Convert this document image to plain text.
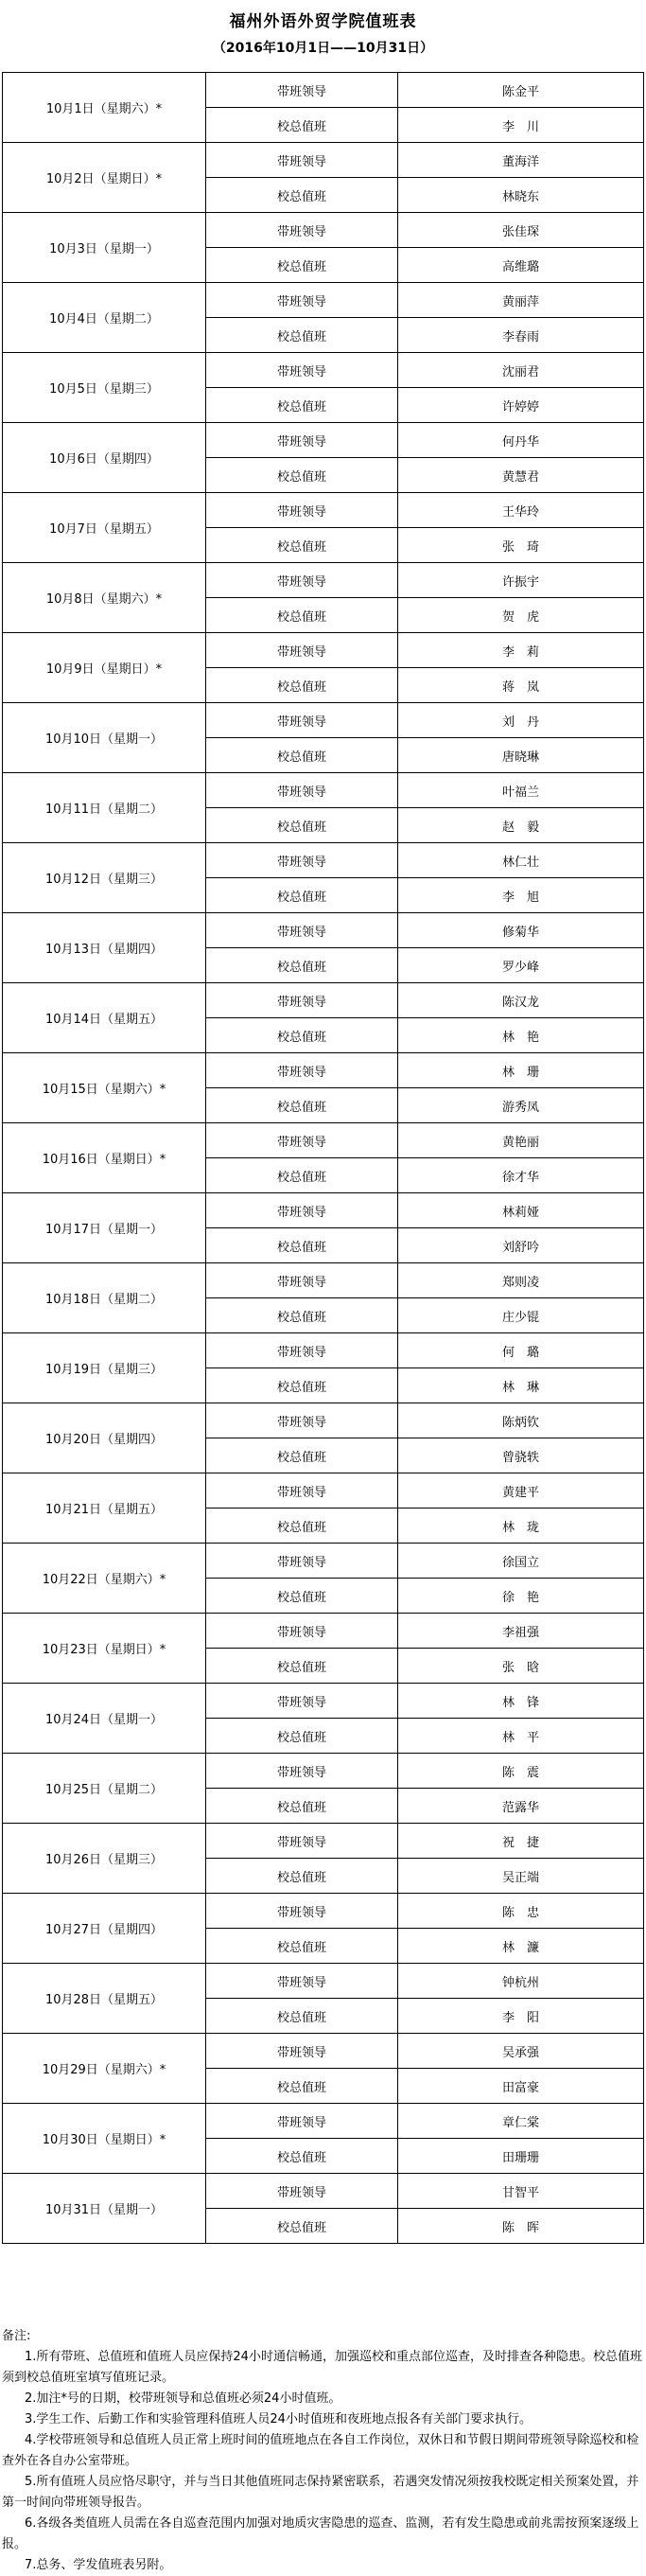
福州外语外贸学院值班表
（2016年10月1日——10月31日）
10月1日（星期六）*	带班领导	陈金平
	校总值班	李　川
10月2日（星期日）*	带班领导	董海洋
	校总值班	林晓东
10月3日（星期一）	带班领导	张佳琛
	校总值班	高维璐
10月4日（星期二）	带班领导	黄丽萍
	校总值班	李春雨
10月5日（星期三）	带班领导	沈丽君
	校总值班	许婷婷
10月6日（星期四）	带班领导	何丹华
	校总值班	黄慧君
10月7日（星期五）	带班领导	王华玲
	校总值班	张　琦
10月8日（星期六）*	带班领导	许振宇
	校总值班	贺　虎
10月9日（星期日）*	带班领导	李　莉
	校总值班	蒋　岚
10月10日（星期一）	带班领导	刘　丹
	校总值班	唐晓琳
10月11日（星期二）	带班领导	叶福兰
	校总值班	赵　毅
10月12日（星期三）	带班领导	林仁壮
	校总值班	李　旭
10月13日（星期四）	带班领导	修菊华
	校总值班	罗少峰
10月14日（星期五）	带班领导	陈汉龙
	校总值班	林　艳
10月15日（星期六）*	带班领导	林　珊
	校总值班	游秀凤
10月16日（星期日）*	带班领导	黄艳丽
	校总值班	徐才华
10月17日（星期一）	带班领导	林莉娅
	校总值班	刘舒吟
10月18日（星期二）	带班领导	郑则凌
	校总值班	庄少锟
10月19日（星期三）	带班领导	何　璐
	校总值班	林　琳
10月20日（星期四）	带班领导	陈炳钦
	校总值班	曾骁轶
10月21日（星期五）	带班领导	黄建平
	校总值班	林　珑
10月22日（星期六）*	带班领导	徐国立
	校总值班	徐　艳
10月23日（星期日）*	带班领导	李祖强
	校总值班	张　晗
10月24日（星期一）	带班领导	林　锋
	校总值班	林　平
10月25日（星期二）	带班领导	陈　震
	校总值班	范露华
10月26日（星期三）	带班领导	祝　捷
	校总值班	吴正端
10月27日（星期四）	带班领导	陈　忠
	校总值班	林　濂
10月28日（星期五）	带班领导	钟杭州
	校总值班	李　阳
10月29日（星期六）*	带班领导	吴承强
	校总值班	田富豪
10月30日（星期日）*	带班领导	章仁棠
	校总值班	田珊珊
10月31日（星期一）	带班领导	甘智平
	校总值班	陈　晖
备注:
1.所有带班、总值班和值班人员应保持24小时通信畅通，加强巡校和重点部位巡查，及时排查各种隐患。校总值班须到校总值班室填写值班记录。
2.加注*号的日期，校带班领导和总值班必须24小时值班。
3.学生工作、后勤工作和实验管理科值班人员24小时值班和夜班地点报各有关部门要求执行。
4.学校带班领导和总值班人员正常上班时间的值班地点在各自工作岗位，双休日和节假日期间带班领导除巡校和检查外在各自办公室带班。
5.所有值班人员应恪尽职守，并与当日其他值班同志保持紧密联系，若遇突发情况须按我校既定相关预案处置，并第一时间向带班领导报告。
6.各级各类值班人员需在各自巡查范围内加强对地质灾害隐患的巡查、监测，若有发生隐患或前兆需按预案逐级上报。
7.总务、学发值班表另附。
